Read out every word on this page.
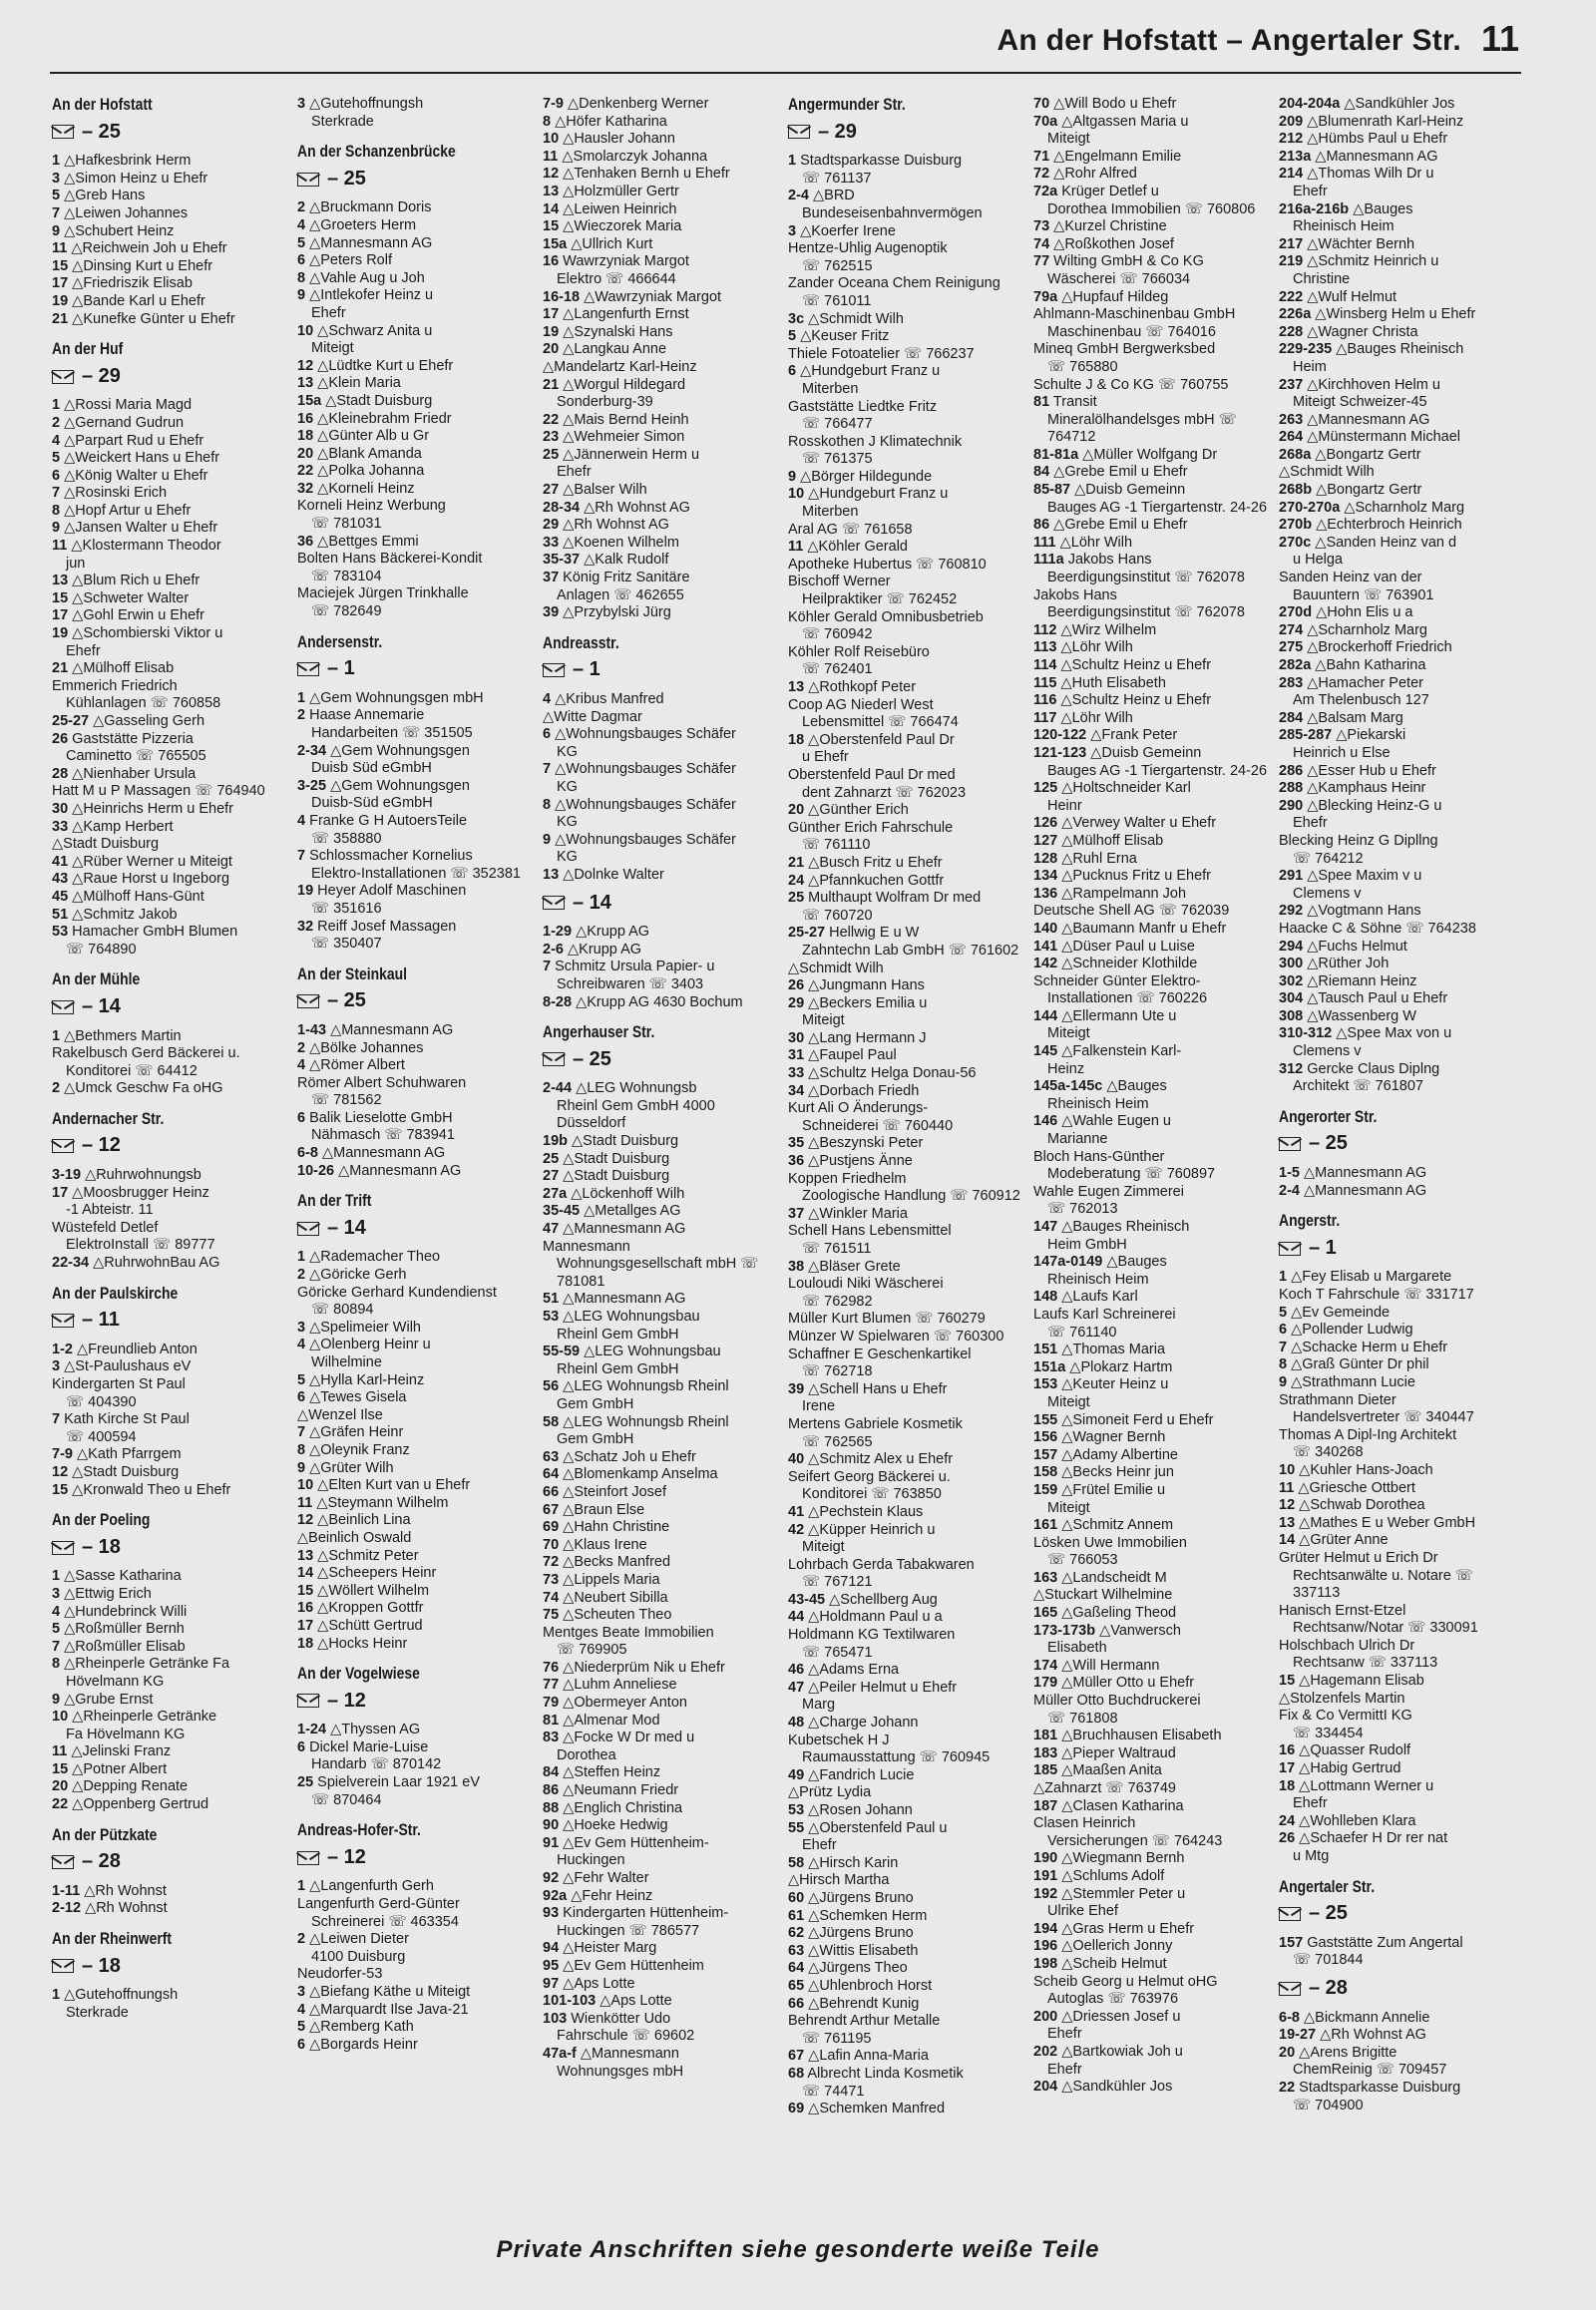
An der Hofstatt – Angertaler Str. 11
An der Hofstatt
– 25
1 △Hafkesbrink Herm
3 △Simon Heinz u Ehefr
5 △Greb Hans
7 △Leiwen Johannes
9 △Schubert Heinz
11 △Reichwein Joh u Ehefr
15 △Dinsing Kurt u Ehefr
17 △Friedriszik Elisab
19 △Bande Karl u Ehefr
21 △Kunefke Günter u Ehefr
An der Huf
– 29
1 △Rossi Maria Magd
2 △Gernand Gudrun
4 △Parpart Rud u Ehefr
5 △Weickert Hans u Ehefr
6 △König Walter u Ehefr
7 △Rosinski Erich
8 △Hopf Artur u Ehefr
9 △Jansen Walter u Ehefr
11 △Klostermann Theodor
jun
13 △Blum Rich u Ehefr
15 △Schweter Walter
17 △Gohl Erwin u Ehefr
19 △Schombierski Viktor u
Ehefr
21 △Mülhoff Elisab
Emmerich Friedrich
Kühlanlagen ☏ 760858
25-27 △Gasseling Gerh
26 Gaststätte Pizzeria
Caminetto ☏ 765505
28 △Nienhaber Ursula
Hatt M u P Massagen ☏ 764940
30 △Heinrichs Herm u Ehefr
33 △Kamp Herbert
△Stadt Duisburg
41 △Rüber Werner u Miteigt
43 △Raue Horst u Ingeborg
45 △Mülhoff Hans-Günt
51 △Schmitz Jakob
53 Hamacher GmbH Blumen
☏ 764890
An der Mühle
– 14
1 △Bethmers Martin
Rakelbusch Gerd Bäckerei u.
Konditorei ☏ 64412
2 △Umck Geschw Fa oHG
Andernacher Str.
– 12
3-19 △Ruhrwohnungsb
17 △Moosbrugger Heinz
-1 Abteistr. 11
Wüstefeld Detlef
ElektroInstall ☏ 89777
22-34 △RuhrwohnBau AG
An der Paulskirche
– 11
1-2 △Freundlieb Anton
3 △St-Paulushaus eV
Kindergarten St Paul
☏ 404390
7 Kath Kirche St Paul
☏ 400594
7-9 △Kath Pfarrgem
12 △Stadt Duisburg
15 △Kronwald Theo u Ehefr
An der Poeling
– 18
1 △Sasse Katharina
3 △Ettwig Erich
4 △Hundebrinck Willi
5 △Roßmüller Bernh
7 △Roßmüller Elisab
8 △Rheinperle Getränke Fa
Hövelmann KG
9 △Grube Ernst
10 △Rheinperle Getränke
Fa Hövelmann KG
11 △Jelinski Franz
15 △Potner Albert
20 △Depping Renate
22 △Oppenberg Gertrud
An der Pützkate
– 28
1-11 △Rh Wohnst
2-12 △Rh Wohnst
An der Rheinwerft
– 18
1 △Gutehoffnungsh
Sterkrade
3 △Gutehoffnungsh
Sterkrade
An der Schanzenbrücke
– 25
2 △Bruckmann Doris
4 △Groeters Herm
5 △Mannesmann AG
6 △Peters Rolf
8 △Vahle Aug u Joh
9 △Intlekofer Heinz u
Ehefr
10 △Schwarz Anita u
Miteigt
12 △Lüdtke Kurt u Ehefr
13 △Klein Maria
15a △Stadt Duisburg
16 △Kleinebrahm Friedr
18 △Günter Alb u Gr
20 △Blank Amanda
22 △Polka Johanna
32 △Korneli Heinz
Korneli Heinz Werbung
☏ 781031
36 △Bettges Emmi
Bolten Hans Bäckerei-Kondit
☏ 783104
Maciejek Jürgen Trinkhalle
☏ 782649
Andersenstr.
– 1
1 △Gem Wohnungsgen mbH
2 Haase Annemarie
Handarbeiten ☏ 351505
2-34 △Gem Wohnungsgen
Duisb Süd eGmbH
3-25 △Gem Wohnungsgen
Duisb-Süd eGmbH
4 Franke G H AutoersTeile
☏ 358880
7 Schlossmacher Kornelius
Elektro-Installationen ☏ 352381
19 Heyer Adolf Maschinen
☏ 351616
32 Reiff Josef Massagen
☏ 350407
An der Steinkaul
– 25
1-43 △Mannesmann AG
2 △Bölke Johannes
4 △Römer Albert
Römer Albert Schuhwaren
☏ 781562
6 Balik Lieselotte GmbH
Nähmasch ☏ 783941
6-8 △Mannesmann AG
10-26 △Mannesmann AG
An der Trift
– 14
1 △Rademacher Theo
2 △Göricke Gerh
Göricke Gerhard Kundendienst
☏ 80894
3 △Spelimeier Wilh
4 △Olenberg Heinr u
Wilhelmine
5 △Hylla Karl-Heinz
6 △Tewes Gisela
△Wenzel Ilse
7 △Gräfen Heinr
8 △Oleynik Franz
9 △Grüter Wilh
10 △Elten Kurt van u Ehefr
11 △Steymann Wilhelm
12 △Beinlich Lina
△Beinlich Oswald
13 △Schmitz Peter
14 △Scheepers Heinr
15 △Wöllert Wilhelm
16 △Kroppen Gottfr
17 △Schütt Gertrud
18 △Hocks Heinr
An der Vogelwiese
– 12
1-24 △Thyssen AG
6 Dickel Marie-Luise
Handarb ☏ 870142
25 Spielverein Laar 1921 eV
☏ 870464
Andreas-Hofer-Str.
– 12
1 △Langenfurth Gerh
Langenfurth Gerd-Günter
Schreinerei ☏ 463354
2 △Leiwen Dieter
4100 Duisburg
Neudorfer-53
3 △Biefang Käthe u Miteigt
4 △Marquardt Ilse Java-21
5 △Remberg Kath
6 △Borgards Heinr
7-9 △Denkenberg Werner
8 △Höfer Katharina
10 △Hausler Johann
11 △Smolarczyk Johanna
12 △Tenhaken Bernh u Ehefr
13 △Holzmüller Gertr
14 △Leiwen Heinrich
15 △Wieczorek Maria
15a △Ullrich Kurt
16 Wawrzyniak Margot
Elektro ☏ 466644
16-18 △Wawrzyniak Margot
17 △Langenfurth Ernst
19 △Szynalski Hans
20 △Langkau Anne
△Mandelartz Karl-Heinz
21 △Worgul Hildegard
Sonderburg-39
22 △Mais Bernd Heinh
23 △Wehmeier Simon
25 △Jännerwein Herm u
Ehefr
27 △Balser Wilh
28-34 △Rh Wohnst AG
29 △Rh Wohnst AG
33 △Koenen Wilhelm
35-37 △Kalk Rudolf
37 König Fritz Sanitäre
Anlagen ☏ 462655
39 △Przybylski Jürg
Andreasstr.
– 1
4 △Kribus Manfred
△Witte Dagmar
6 △Wohnungsbauges Schäfer
KG
7 △Wohnungsbauges Schäfer
KG
8 △Wohnungsbauges Schäfer
KG
9 △Wohnungsbauges Schäfer
KG
13 △Dolnke Walter
– 14
1-29 △Krupp AG
2-6 △Krupp AG
7 Schmitz Ursula Papier- u
Schreibwaren ☏ 3403
8-28 △Krupp AG 4630 Bochum
Angerhauser Str.
– 25
2-44 △LEG Wohnungsb
Rheinl Gem GmbH 4000 Düsseldorf
19b △Stadt Duisburg
25 △Stadt Duisburg
27 △Stadt Duisburg
27a △Löckenhoff Wilh
35-45 △Metallges AG
47 △Mannesmann AG
Mannesmann
Wohnungsgesellschaft mbH ☏ 781081
51 △Mannesmann AG
53 △LEG Wohnungsbau
Rheinl Gem GmbH
55-59 △LEG Wohnungsbau
Rheinl Gem GmbH
56 △LEG Wohnungsb Rheinl
Gem GmbH
58 △LEG Wohnungsb Rheinl
Gem GmbH
63 △Schatz Joh u Ehefr
64 △Blomenkamp Anselma
66 △Steinfort Josef
67 △Braun Else
69 △Hahn Christine
70 △Klaus Irene
72 △Becks Manfred
73 △Lippels Maria
74 △Neubert Sibilla
75 △Scheuten Theo
Mentges Beate Immobilien
☏ 769905
76 △Niederprüm Nik u Ehefr
77 △Luhm Anneliese
79 △Obermeyer Anton
81 △Almenar Mod
83 △Focke W Dr med u
Dorothea
84 △Steffen Heinz
86 △Neumann Friedr
88 △Englich Christina
90 △Hoeke Hedwig
91 △Ev Gem Hüttenheim-
Huckingen
92 △Fehr Walter
92a △Fehr Heinz
93 Kindergarten Hüttenheim-
Huckingen ☏ 786577
94 △Heister Marg
95 △Ev Gem Hüttenheim
97 △Aps Lotte
101-103 △Aps Lotte
103 Wienkötter Udo
Fahrschule ☏ 69602
47a-f △Mannesmann
Wohnungsges mbH
Angermunder Str.
– 29
1 Stadtsparkasse Duisburg
☏ 761137
2-4 △BRD
Bundeseisenbahnvermögen
3 △Koerfer Irene
Hentze-Uhlig Augenoptik
☏ 762515
Zander Oceana Chem Reinigung
☏ 761011
3c △Schmidt Wilh
5 △Keuser Fritz
Thiele Fotoatelier ☏ 766237
6 △Hundgeburt Franz u
Miterben
Gaststätte Liedtke Fritz
☏ 766477
Rosskothen J Klimatechnik
☏ 761375
9 △Börger Hildegunde
10 △Hundgeburt Franz u
Miterben
Aral AG ☏ 761658
11 △Köhler Gerald
Apotheke Hubertus ☏ 760810
Bischoff Werner
Heilpraktiker ☏ 762452
Köhler Gerald Omnibusbetrieb
☏ 760942
Köhler Rolf Reisebüro
☏ 762401
13 △Rothkopf Peter
Coop AG Niederl West
Lebensmittel ☏ 766474
18 △Oberstenfeld Paul Dr
u Ehefr
Oberstenfeld Paul Dr med
dent Zahnarzt ☏ 762023
20 △Günther Erich
Günther Erich Fahrschule
☏ 761110
21 △Busch Fritz u Ehefr
24 △Pfannkuchen Gottfr
25 Multhaupt Wolfram Dr med
☏ 760720
25-27 Hellwig E u W
Zahntechn Lab GmbH ☏ 761602
△Schmidt Wilh
26 △Jungmann Hans
29 △Beckers Emilia u
Miteigt
30 △Lang Hermann J
31 △Faupel Paul
33 △Schultz Helga Donau-56
34 △Dorbach Friedh
Kurt Ali O Änderungs-
Schneiderei ☏ 760440
35 △Beszynski Peter
36 △Pustjens Änne
Koppen Friedhelm
Zoologische Handlung ☏ 760912
37 △Winkler Maria
Schell Hans Lebensmittel
☏ 761511
38 △Bläser Grete
Louloudi Niki Wäscherei
☏ 762982
Müller Kurt Blumen ☏ 760279
Münzer W Spielwaren ☏ 760300
Schaffner E Geschenkartikel
☏ 762718
39 △Schell Hans u Ehefr
Irene
Mertens Gabriele Kosmetik
☏ 762565
40 △Schmitz Alex u Ehefr
Seifert Georg Bäckerei u.
Konditorei ☏ 763850
41 △Pechstein Klaus
42 △Küpper Heinrich u
Miteigt
Lohrbach Gerda Tabakwaren
☏ 767121
43-45 △Schellberg Aug
44 △Holdmann Paul u a
Holdmann KG Textilwaren
☏ 765471
46 △Adams Erna
47 △Peiler Helmut u Ehefr
Marg
48 △Charge Johann
Kubetschek H J
Raumausstattung ☏ 760945
49 △Fandrich Lucie
△Prütz Lydia
53 △Rosen Johann
55 △Oberstenfeld Paul u
Ehefr
58 △Hirsch Karin
△Hirsch Martha
60 △Jürgens Bruno
61 △Schemken Herm
62 △Jürgens Bruno
63 △Wittis Elisabeth
64 △Jürgens Theo
65 △Uhlenbroch Horst
66 △Behrendt Kunig
Behrendt Arthur Metalle
☏ 761195
67 △Lafin Anna-Maria
68 Albrecht Linda Kosmetik
☏ 74471
69 △Schemken Manfred
70 △Will Bodo u Ehefr
70a △Altgassen Maria u
Miteigt
71 △Engelmann Emilie
72 △Rohr Alfred
72a Krüger Detlef u
Dorothea Immobilien ☏ 760806
73 △Kurzel Christine
74 △Roßkothen Josef
77 Wilting GmbH & Co KG
Wäscherei ☏ 766034
79a △Hupfauf Hildeg
Ahlmann-Maschinenbau GmbH
Maschinenbau ☏ 764016
Mineq GmbH Bergwerksbed
☏ 765880
Schulte J & Co KG ☏ 760755
81 Transit
Mineralölhandelsges mbH ☏ 764712
81-81a △Müller Wolfgang Dr
84 △Grebe Emil u Ehefr
85-87 △Duisb Gemeinn
Bauges AG -1 Tiergartenstr. 24-26
86 △Grebe Emil u Ehefr
111 △Löhr Wilh
111a Jakobs Hans
Beerdigungsinstitut ☏ 762078
Jakobs Hans
Beerdigungsinstitut ☏ 762078
112 △Wirz Wilhelm
113 △Löhr Wilh
114 △Schultz Heinz u Ehefr
115 △Huth Elisabeth
116 △Schultz Heinz u Ehefr
117 △Löhr Wilh
120-122 △Frank Peter
121-123 △Duisb Gemeinn
Bauges AG -1 Tiergartenstr. 24-26
125 △Holtschneider Karl
Heinr
126 △Verwey Walter u Ehefr
127 △Mülhoff Elisab
128 △Ruhl Erna
134 △Pucknus Fritz u Ehefr
136 △Rampelmann Joh
Deutsche Shell AG ☏ 762039
140 △Baumann Manfr u Ehefr
141 △Düser Paul u Luise
142 △Schneider Klothilde
Schneider Günter Elektro-
Installationen ☏ 760226
144 △Ellermann Ute u
Miteigt
145 △Falkenstein Karl-
Heinz
145a-145c △Bauges
Rheinisch Heim
146 △Wahle Eugen u
Marianne
Bloch Hans-Günther
Modeberatung ☏ 760897
Wahle Eugen Zimmerei
☏ 762013
147 △Bauges Rheinisch
Heim GmbH
147a-0149 △Bauges
Rheinisch Heim
148 △Laufs Karl
Laufs Karl Schreinerei
☏ 761140
151 △Thomas Maria
151a △Plokarz Hartm
153 △Keuter Heinz u
Miteigt
155 △Simoneit Ferd u Ehefr
156 △Wagner Bernh
157 △Adamy Albertine
158 △Becks Heinr jun
159 △Frütel Emilie u
Miteigt
161 △Schmitz Annem
Lösken Uwe Immobilien
☏ 766053
163 △Landscheidt M
△Stuckart Wilhelmine
165 △Gaßeling Theod
173-173b △Vanwersch
Elisabeth
174 △Will Hermann
179 △Müller Otto u Ehefr
Müller Otto Buchdruckerei
☏ 761808
181 △Bruchhausen Elisabeth
183 △Pieper Waltraud
185 △Maaßen Anita
△Zahnarzt ☏ 763749
187 △Clasen Katharina
Clasen Heinrich
Versicherungen ☏ 764243
190 △Wiegmann Bernh
191 △Schlums Adolf
192 △Stemmler Peter u
Ulrike Ehef
194 △Gras Herm u Ehefr
196 △Oellerich Jonny
198 △Scheib Helmut
Scheib Georg u Helmut oHG
Autoglas ☏ 763976
200 △Driessen Josef u
Ehefr
202 △Bartkowiak Joh u
Ehefr
204 △Sandkühler Jos
204-204a △Sandkühler Jos
209 △Blumenrath Karl-Heinz
212 △Hümbs Paul u Ehefr
213a △Mannesmann AG
214 △Thomas Wilh Dr u
Ehefr
216a-216b △Bauges
Rheinisch Heim
217 △Wächter Bernh
219 △Schmitz Heinrich u
Christine
222 △Wulf Helmut
226a △Winsberg Helm u Ehefr
228 △Wagner Christa
229-235 △Bauges Rheinisch
Heim
237 △Kirchhoven Helm u
Miteigt Schweizer-45
263 △Mannesmann AG
264 △Münstermann Michael
268a △Bongartz Gertr
△Schmidt Wilh
268b △Bongartz Gertr
270-270a △Scharnholz Marg
270b △Echterbroch Heinrich
270c △Sanden Heinz van d
u Helga
Sanden Heinz van der
Bauuntern ☏ 763901
270d △Hohn Elis u a
274 △Scharnholz Marg
275 △Brockerhoff Friedrich
282a △Bahn Katharina
283 △Hamacher Peter
Am Thelenbusch 127
284 △Balsam Marg
285-287 △Piekarski
Heinrich u Else
286 △Esser Hub u Ehefr
288 △Kamphaus Heinr
290 △Blecking Heinz-G u
Ehefr
Blecking Heinz G Dipllng
☏ 764212
291 △Spee Maxim v u
Clemens v
292 △Vogtmann Hans
Haacke C & Söhne ☏ 764238
294 △Fuchs Helmut
300 △Rüther Joh
302 △Riemann Heinz
304 △Tausch Paul u Ehefr
308 △Wassenberg W
310-312 △Spee Max von u
Clemens v
312 Gercke Claus Diplng
Architekt ☏ 761807
Angerorter Str.
– 25
1-5 △Mannesmann AG
2-4 △Mannesmann AG
Angerstr.
– 1
1 △Fey Elisab u Margarete
Koch T Fahrschule ☏ 331717
5 △Ev Gemeinde
6 △Pollender Ludwig
7 △Schacke Herm u Ehefr
8 △Graß Günter Dr phil
9 △Strathmann Lucie
Strathmann Dieter
Handelsvertreter ☏ 340447
Thomas A Dipl-Ing Architekt
☏ 340268
10 △Kuhler Hans-Joach
11 △Griesche Ottbert
12 △Schwab Dorothea
13 △Mathes E u Weber GmbH
14 △Grüter Anne
Grüter Helmut u Erich Dr
Rechtsanwälte u. Notare ☏ 337113
Hanisch Ernst-Etzel
Rechtsanw/Notar ☏ 330091
Holschbach Ulrich Dr
Rechtsanw ☏ 337113
15 △Hagemann Elisab
△Stolzenfels Martin
Fix & Co VermittI KG
☏ 334454
16 △Quasser Rudolf
17 △Habig Gertrud
18 △Lottmann Werner u
Ehefr
24 △Wohlleben Klara
26 △Schaefer H Dr rer nat
u Mtg
Angertaler Str.
– 25
157 Gaststätte Zum Angertal
☏ 701844
– 28
6-8 △Bickmann Annelie
19-27 △Rh Wohnst AG
20 △Arens Brigitte
ChemReinig ☏ 709457
22 Stadtsparkasse Duisburg
☏ 704900
Private Anschriften siehe gesonderte weiße Teile
